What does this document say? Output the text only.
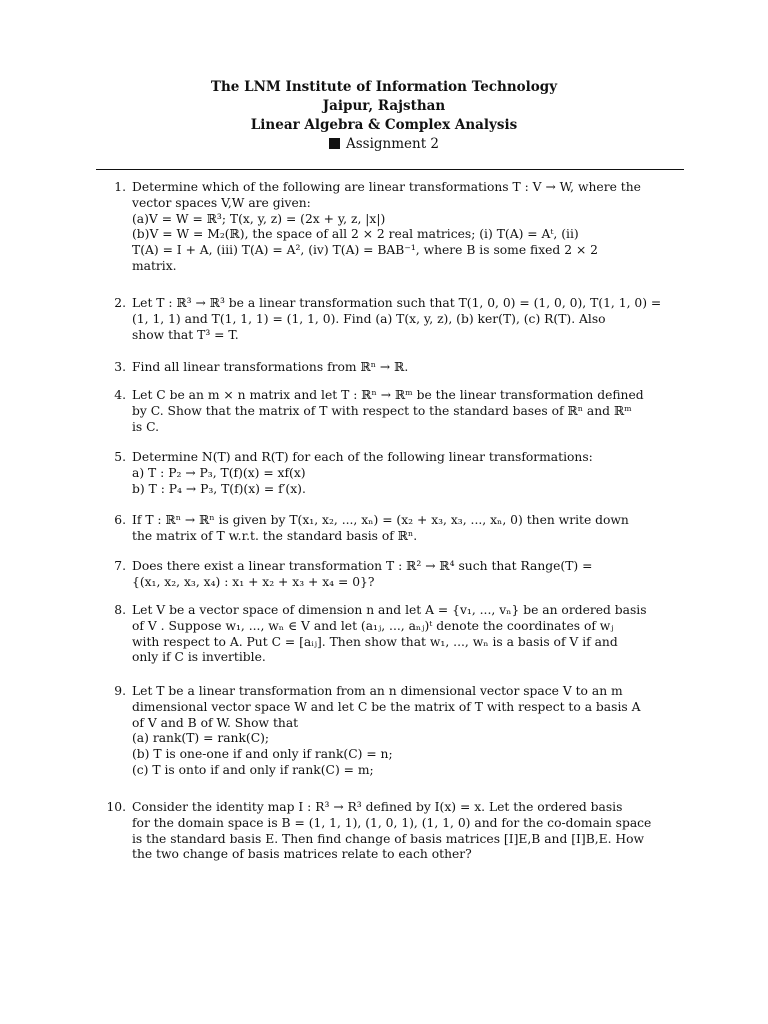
The LNM Institute of Information Technology
Jaipur, Rajsthan
Linear Algebra & Complex Analysis
Assignment 2
1. Determine which of the following are linear transformations T : V → W, where the
vector spaces V,W are given:
(a)V = W = ℝ³; T(x, y, z) = (2x + y, z, |x|)
(b)V = W = M₂(ℝ), the space of all 2 × 2 real matrices; (i) T(A) = Aᵗ, (ii)
T(A) = I + A, (iii) T(A) = A², (iv) T(A) = BAB⁻¹, where B is some fixed 2 × 2
matrix.
2. Let T : ℝ³ → ℝ³ be a linear transformation such that T(1, 0, 0) = (1, 0, 0), T(1, 1, 0) =
(1, 1, 1) and T(1, 1, 1) = (1, 1, 0). Find (a) T(x, y, z), (b) ker(T), (c) R(T). Also
show that T³ = T.
3. Find all linear transformations from ℝⁿ → ℝ.
4. Let C be an m × n matrix and let T : ℝⁿ → ℝᵐ be the linear transformation defined
by C. Show that the matrix of T with respect to the standard bases of ℝⁿ and ℝᵐ
is C.
5. Determine N(T) and R(T) for each of the following linear transformations:
a) T : P₂ → P₃, T(f)(x) = xf(x)
b) T : P₄ → P₃, T(f)(x) = f′(x).
6. If T : ℝⁿ → ℝⁿ is given by T(x₁, x₂, ..., xₙ) = (x₂ + x₃, x₃, ..., xₙ, 0) then write down
the matrix of T w.r.t. the standard basis of ℝⁿ.
7. Does there exist a linear transformation T : ℝ² → ℝ⁴ such that Range(T) =
{(x₁, x₂, x₃, x₄) : x₁ + x₂ + x₃ + x₄ = 0}?
8. Let V be a vector space of dimension n and let A = {v₁, ..., vₙ} be an ordered basis
of V . Suppose w₁, ..., wₙ ∈ V and let (a₁ⱼ, ..., aₙⱼ)ᵗ denote the coordinates of wⱼ
with respect to A. Put C = [aᵢⱼ]. Then show that w₁, ..., wₙ is a basis of V if and
only if C is invertible.
9. Let T be a linear transformation from an n dimensional vector space V to an m
dimensional vector space W and let C be the matrix of T with respect to a basis A
of V and B of W. Show that
(a) rank(T) = rank(C);
(b) T is one-one if and only if rank(C) = n;
(c) T is onto if and only if rank(C) = m;
10. Consider the identity map I : R³ → R³ defined by I(x) = x. Let the ordered basis
for the domain space is B = (1, 1, 1), (1, 0, 1), (1, 1, 0) and for the co-domain space
is the standard basis E. Then find change of basis matrices [I]E,B and [I]B,E. How
the two change of basis matrices relate to each other?
